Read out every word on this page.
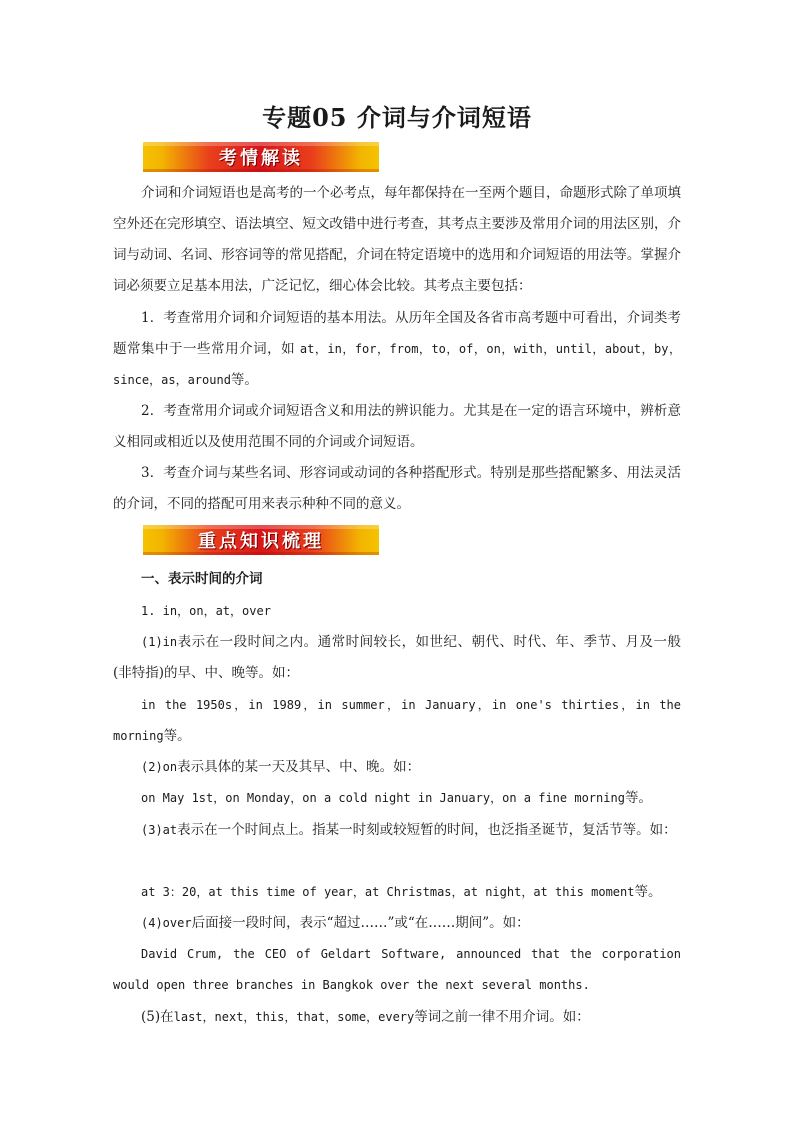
专题05 介词与介词短语
考情解读

介词和介词短语也是高考的一个必考点，每年都保持在一至两个题目，命题形式除了单项填空外还在完形填空、语法填空、短文改错中进行考查，其考点主要涉及常用介词的用法区别，介词与动词、名词、形容词等的常见搭配，介词在特定语境中的选用和介词短语的用法等。掌握介词必须要立足基本用法，广泛记忆，细心体会比较。其考点主要包括：

1．考查常用介词和介词短语的基本用法。从历年全国及各省市高考题中可看出，介词类考题常集中于一些常用介词，如 at，in，for，from，to，of，on，with，until，about，by，since，as，around等。

2．考查常用介词或介词短语含义和用法的辨识能力。尤其是在一定的语言环境中，辨析意义相同或相近以及使用范围不同的介词或介词短语。

3．考查介词与某些名词、形容词或动词的各种搭配形式。特别是那些搭配繁多、用法灵活的介词，不同的搭配可用来表示种种不同的意义。

重点知识梳理

一、表示时间的介词

1. in，on，at，over

(1)in表示在一段时间之内。通常时间较长，如世纪、朝代、时代、年、季节、月及一般(非特指)的早、中、晚等。如：

in the 1950s，in 1989，in summer，in January，in one's thirties，in the morning等。

(2)on表示具体的某一天及其早、中、晚。如：

on May 1st，on Monday，on a cold night in January，on a fine morning等。

(3)at表示在一个时间点上。指某一时刻或较短暂的时间，也泛指圣诞节，复活节等。如：

at 3：20，at this time of year，at Christmas，at night，at this moment等。

(4)over后面接一段时间，表示“超过……”或“在……期间”。如：

David Crum, the CEO of Geldart Software, announced that the corporation would open three branches in Bangkok over the next several months.

(5)在last，next，this，that，some，every等词之前一律不用介词。如：
